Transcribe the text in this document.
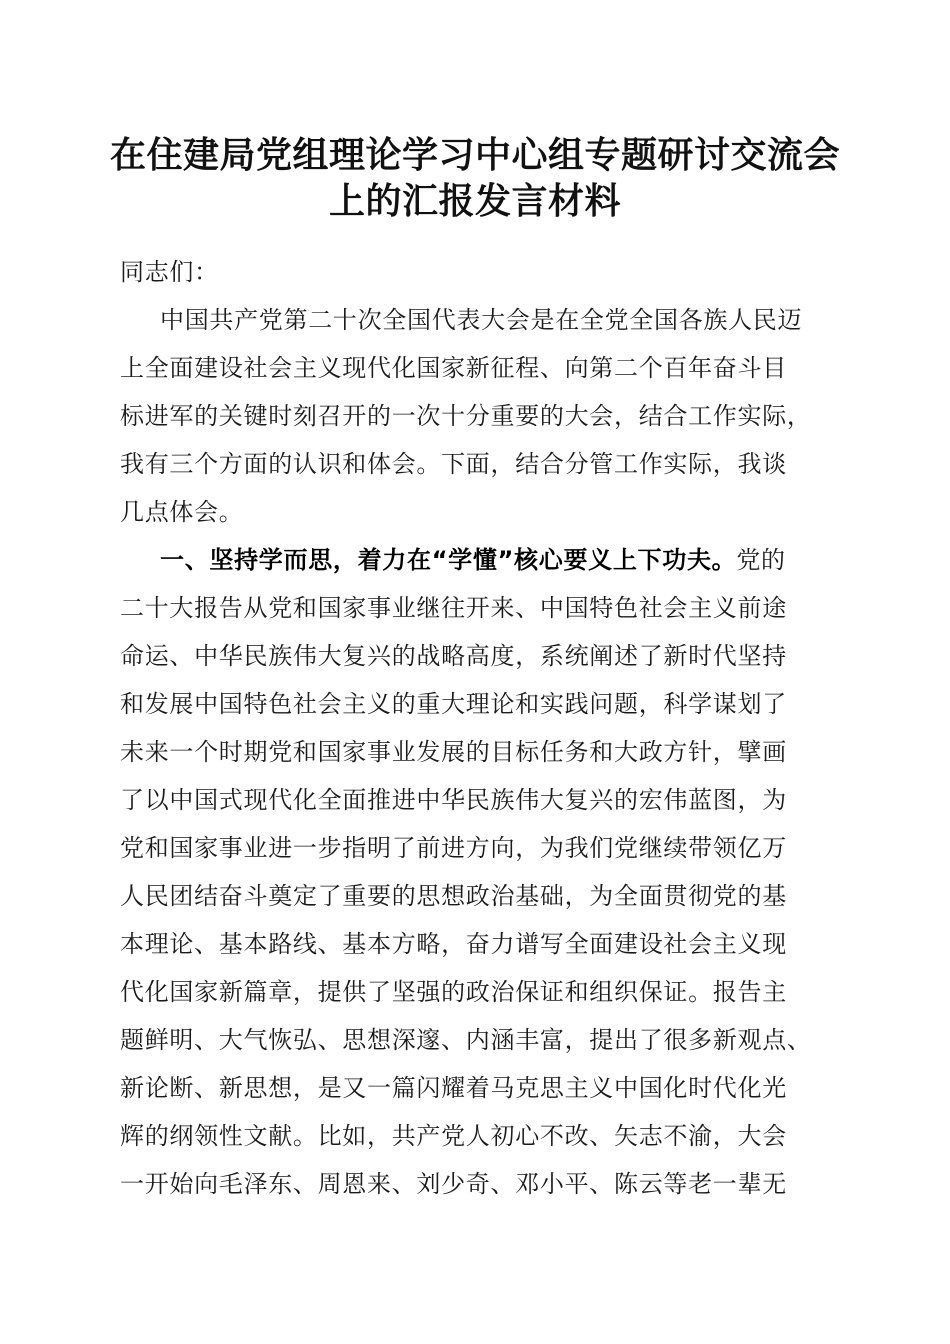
在住建局党组理论学习中心组专题研讨交流会
上的汇报发言材料
同志们：
中国共产党第二十次全国代表大会是在全党全国各族人民迈
上全面建设社会主义现代化国家新征程、向第二个百年奋斗目
标进军的关键时刻召开的一次十分重要的大会，结合工作实际，
我有三个方面的认识和体会。下面，结合分管工作实际，我谈
几点体会。
一、坚持学而思，着力在“学懂”核心要义上下功夫。党的
二十大报告从党和国家事业继往开来、中国特色社会主义前途
命运、中华民族伟大复兴的战略高度，系统阐述了新时代坚持
和发展中国特色社会主义的重大理论和实践问题，科学谋划了
未来一个时期党和国家事业发展的目标任务和大政方针，擘画
了以中国式现代化全面推进中华民族伟大复兴的宏伟蓝图，为
党和国家事业进一步指明了前进方向，为我们党继续带领亿万
人民团结奋斗奠定了重要的思想政治基础，为全面贯彻党的基
本理论、基本路线、基本方略，奋力谱写全面建设社会主义现
代化国家新篇章，提供了坚强的政治保证和组织保证。报告主
题鲜明、大气恢弘、思想深邃、内涵丰富，提出了很多新观点、
新论断、新思想，是又一篇闪耀着马克思主义中国化时代化光
辉的纲领性文献。比如，共产党人初心不改、矢志不渝，大会
一开始向毛泽东、周恩来、刘少奇、邓小平、陈云等老一辈无
